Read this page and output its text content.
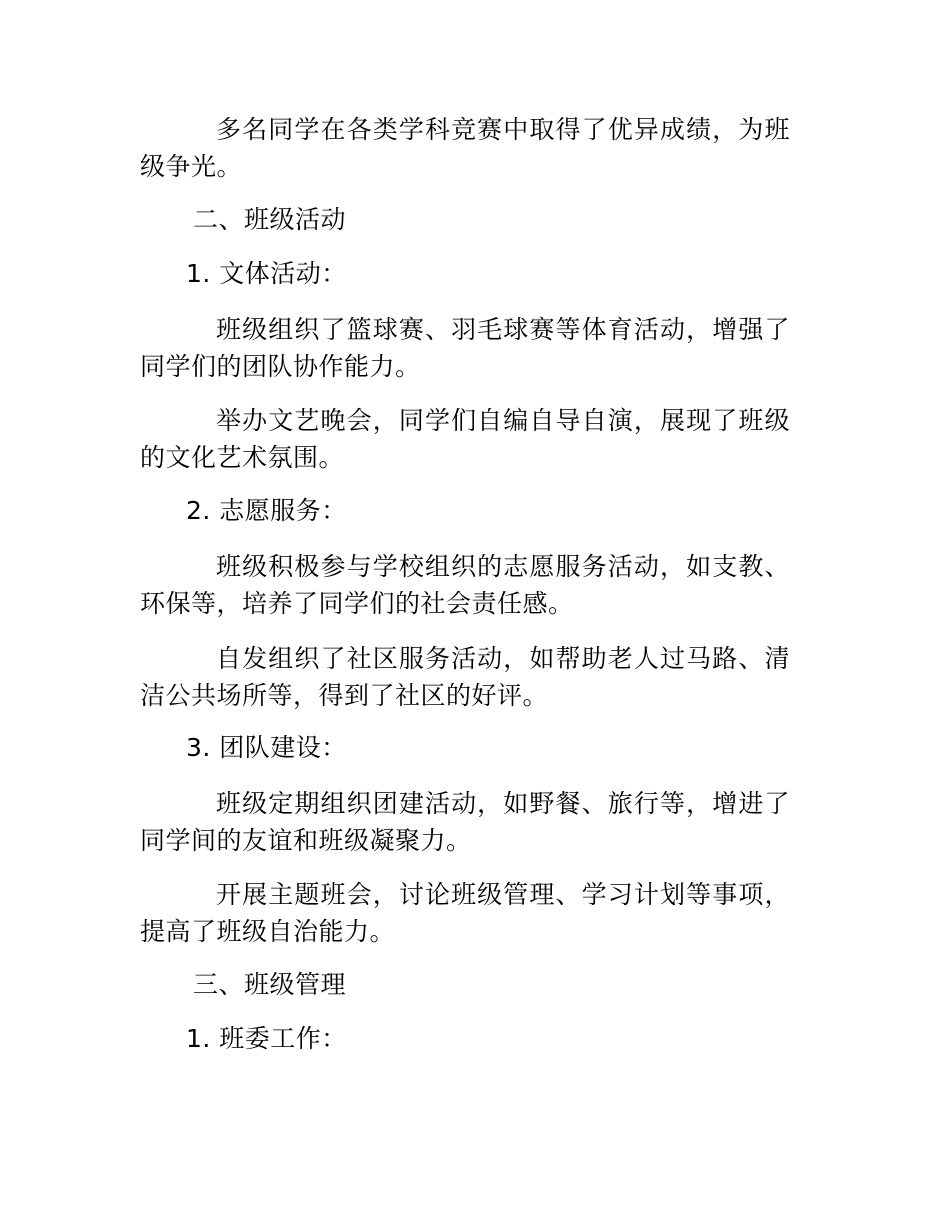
多名同学在各类学科竞赛中取得了优异成绩，为班级争光。
二、班级活动
1. 文体活动：
班级组织了篮球赛、羽毛球赛等体育活动，增强了同学们的团队协作能力。
举办文艺晚会，同学们自编自导自演，展现了班级的文化艺术氛围。
2. 志愿服务：
班级积极参与学校组织的志愿服务活动，如支教、环保等，培养了同学们的社会责任感。
自发组织了社区服务活动，如帮助老人过马路、清洁公共场所等，得到了社区的好评。
3. 团队建设：
班级定期组织团建活动，如野餐、旅行等，增进了同学间的友谊和班级凝聚力。
开展主题班会，讨论班级管理、学习计划等事项，提高了班级自治能力。
三、班级管理
1. 班委工作：
